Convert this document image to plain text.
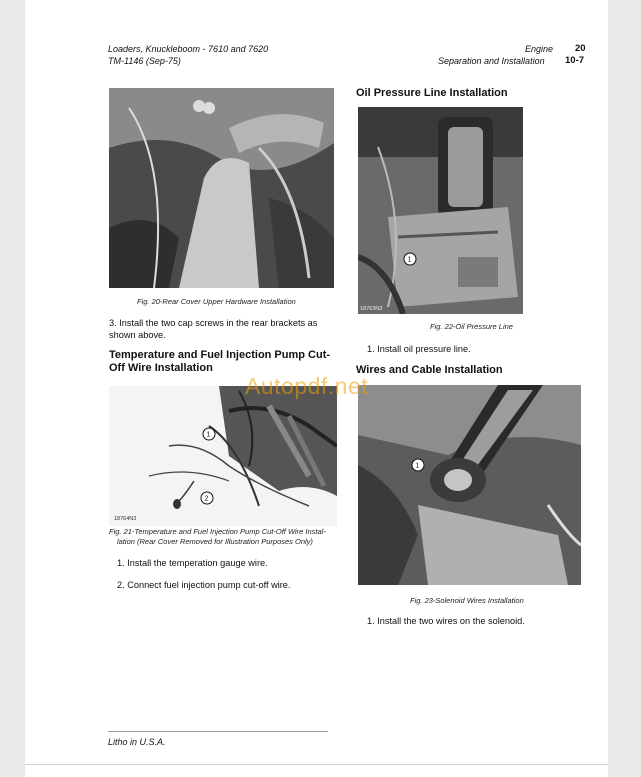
Loaders, Knuckleboom - 7610 and 7620
TM-1146 (Sep-75)
Engine 20
Separation and Installation 10-7
Fig. 20-Rear Cover Upper Hardware Installation
3. Install the two cap screws in the rear brackets as shown above.
Temperature and Fuel Injection Pump Cut-Off Wire Installation
1
2
18764N3
Fig. 21-Temperature and Fuel Injection Pump Cut-Off Wire Instal-
lation (Rear Cover Removed for Illustration Purposes Only)
1. Install the temperation gauge wire.
2. Connect fuel injection pump cut-off wire.
Oil Pressure Line Installation
1
18763N3
Fig. 22-Oil Pressure Line
1. Install oil pressure line.
Wires and Cable Installation
1
Fig. 23-Solenoid Wires Installation
1. Install the two wires on the solenoid.
Litho in U.S.A.
Autopdf.net
